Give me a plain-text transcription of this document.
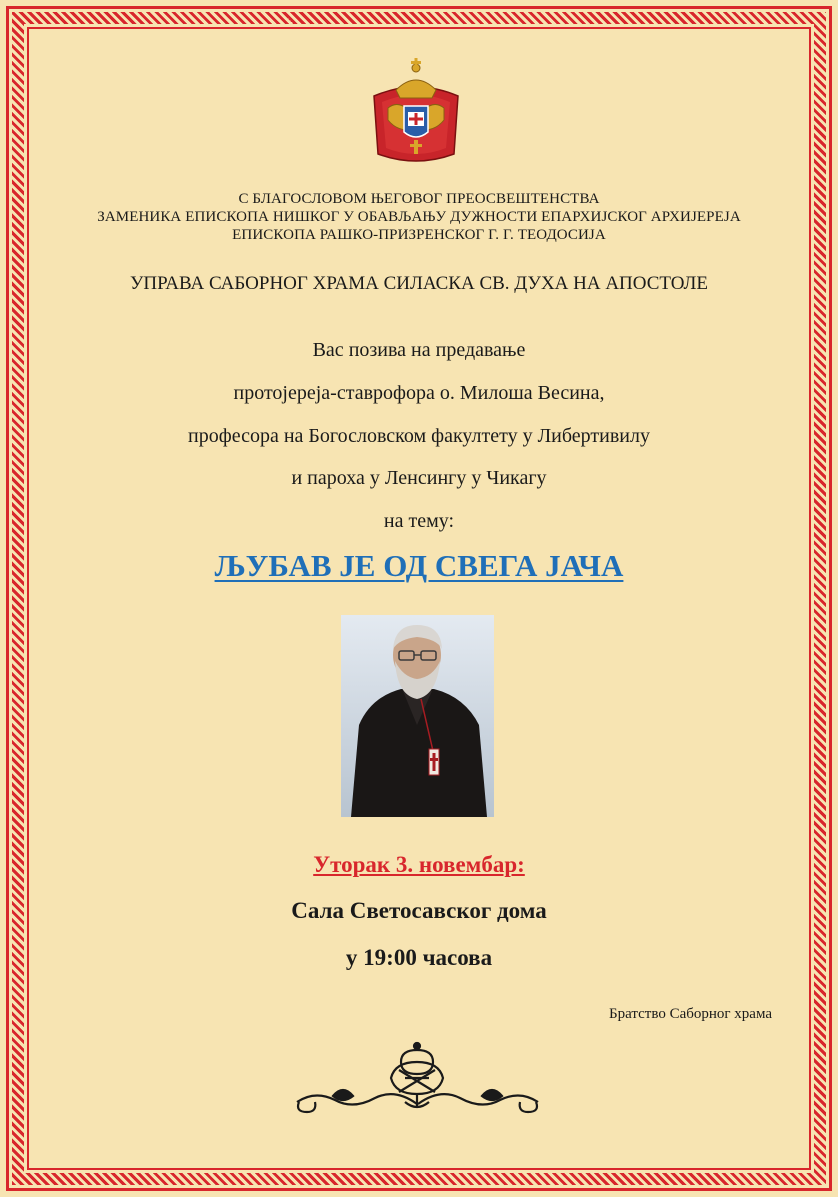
С БЛАГОСЛОВОМ ЊЕГОВОГ ПРЕОСВЕШТЕНСТВА
ЗАМЕНИКА ЕПИСКОПА НИШКОГ У ОБАВЉАЊУ ДУЖНОСТИ ЕПАРХИЈСКОГ АРХИЈЕРЕЈА
ЕПИСКОПА РАШКО-ПРИЗРЕНСКОГ Г. Г. ТЕОДОСИЈА
УПРАВА САБОРНОГ ХРАМА СИЛАСКА СВ. ДУХА НА АПОСТОЛЕ
Вас позива на предавање
протојереја-ставрофора о. Милоша Весина,
професора на Богословском факултету у Либертивилу
и пароха у Ленсингу у Чикагу
на тему:
ЉУБАВ ЈЕ ОД СВЕГА ЈАЧА
Уторак 3. новембар:
Сала Светосавског дома
у 19:00 часова
Братство Саборног храма
